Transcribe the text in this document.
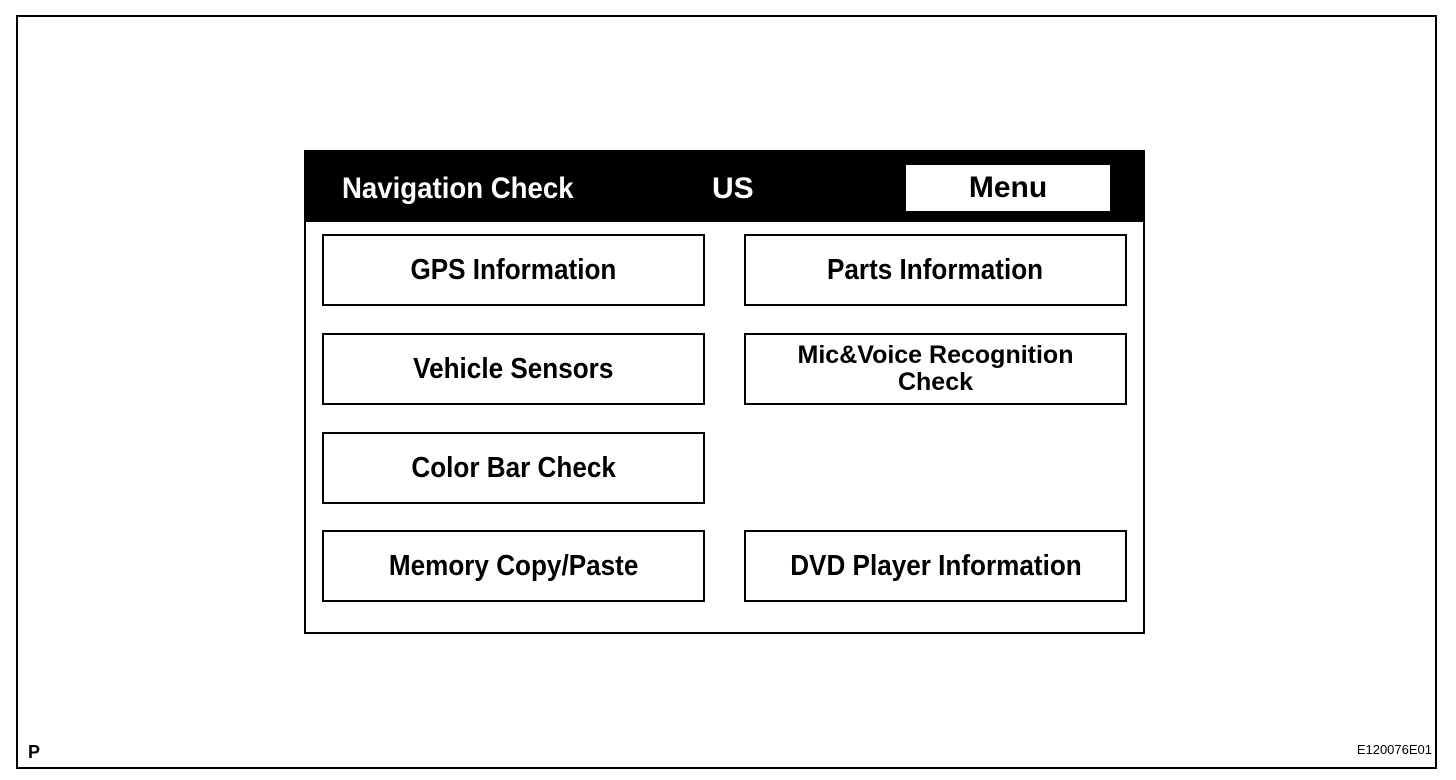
Navigation Check	US	Menu
GPS Information	Parts Information
Vehicle Sensors	Mic&Voice Recognition
Check
Color Bar Check
Memory Copy/Paste	DVD Player Information
P	E120076E01
